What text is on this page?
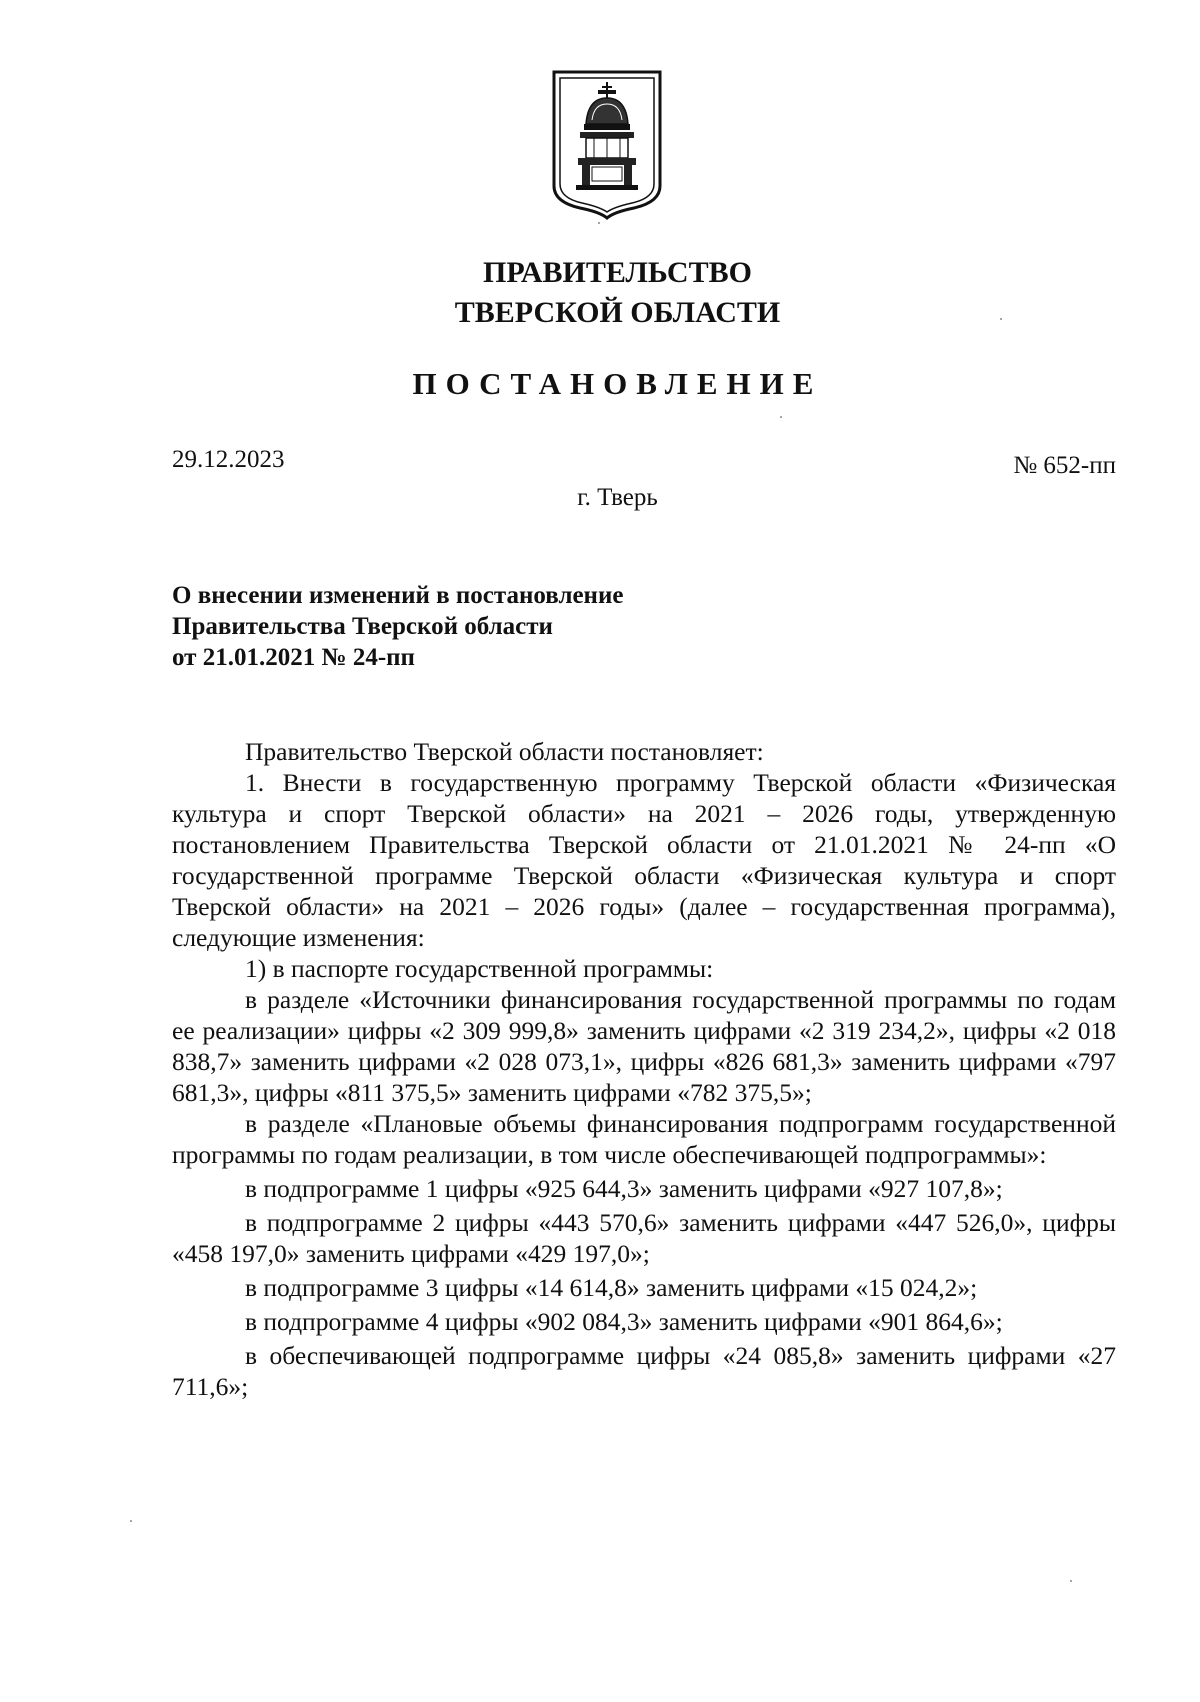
ПРАВИТЕЛЬСТВО
ТВЕРСКОЙ ОБЛАСТИ
ПОСТАНОВЛЕНИЕ
29.12.2023	№ 652-пп
г. Тверь
О внесении изменений в постановление
Правительства Тверской области
от 21.01.2021 № 24-пп

Правительство Тверской области постановляет:

1. Внести в государственную программу Тверской области «Физическая культура и спорт Тверской области» на 2021 – 2026 годы, утвержденную постановлением Правительства Тверской области от 21.01.2021 № 24-пп «О государственной программе Тверской области «Физическая культура и спорт Тверской области» на 2021 – 2026 годы» (далее – государственная программа), следующие изменения:

1) в паспорте государственной программы:

в разделе «Источники финансирования государственной программы по годам ее реализации» цифры «2 309 999,8» заменить цифрами «2 319 234,2», цифры «2 018 838,7» заменить цифрами «2 028 073,1», цифры «826 681,3» заменить цифрами «797 681,3», цифры «811 375,5» заменить цифрами «782 375,5»;

в разделе «Плановые объемы финансирования подпрограмм государственной программы по годам реализации, в том числе обеспечивающей подпрограммы»:

в подпрограмме 1 цифры «925 644,3» заменить цифрами «927 107,8»;

в подпрограмме 2 цифры «443 570,6» заменить цифрами «447 526,0», цифры «458 197,0» заменить цифрами «429 197,0»;

в подпрограмме 3 цифры «14 614,8» заменить цифрами «15 024,2»;

в подпрограмме 4 цифры «902 084,3» заменить цифрами «901 864,6»;

в обеспечивающей подпрограмме цифры «24 085,8» заменить цифрами «27 711,6»;
